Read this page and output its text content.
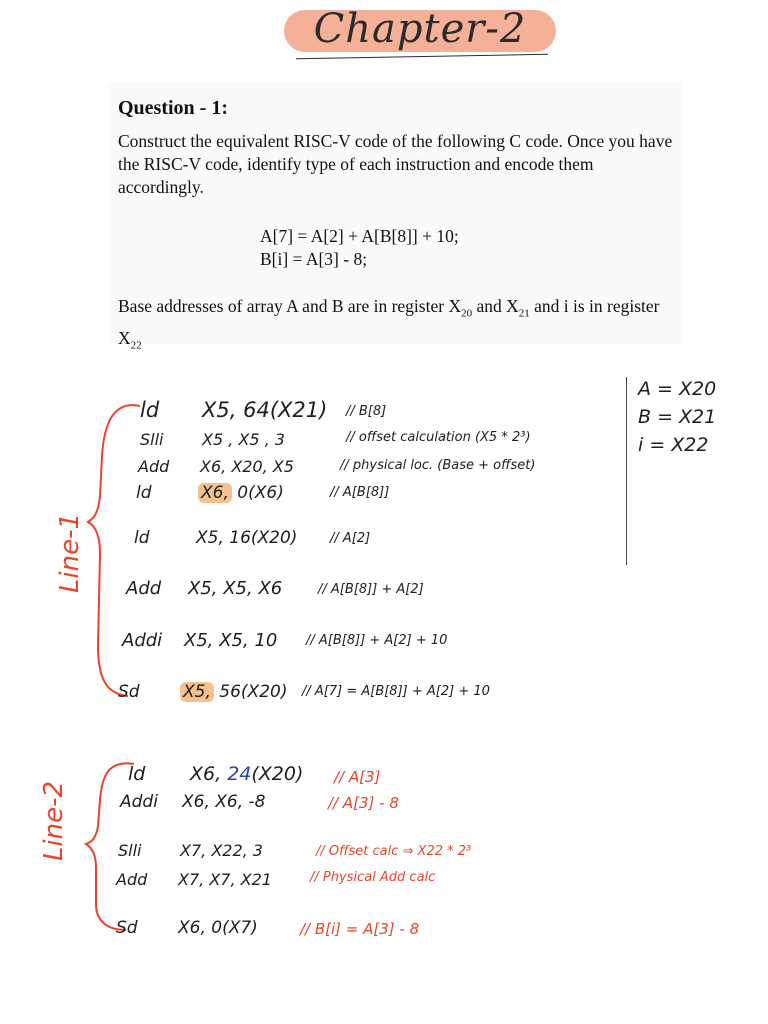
Chapter-2
Question - 1:
Construct the equivalent RISC-V code of the following C code. Once you have the RISC-V code, identify type of each instruction and encode them accordingly.
A[7] = A[2] + A[B[8]] + 10;
B[i] = A[3] - 8;
Base addresses of array A and B are in register $X_{20}$ and $X_{21}$ and i is in register $X_{22}$
A = X20
B = X21
i = X22
Line-1
Line-2
ld X5, 64(X21) // B[8]
Slli X5 , X5 , 3	// offset calculation (X5 * 2³)
Add X6, X20, X5	// physical loc. (Base + offset)
ld	X6, 0(X6)	// A[B[8]]
ld	X5, 16(X20)	// A[2]
Add X5, X5, X6	// A[B[8]] + A[2]
Addi X5, X5, 10 // A[B[8]] + A[2] + 10
Sd	X5, 56(X20) // A[7] = A[B[8]] + A[2] + 10
ld X6, 24(X20) // A[3]
Addi X6, X6, -8	// A[3] - 8
Slli X7, X22, 3	// Offset calc ⇒ X22 * 2³
Add X7, X7, X21	// Physical Add calc
Sd X6, 0(X7)	// B[i] = A[3] - 8
